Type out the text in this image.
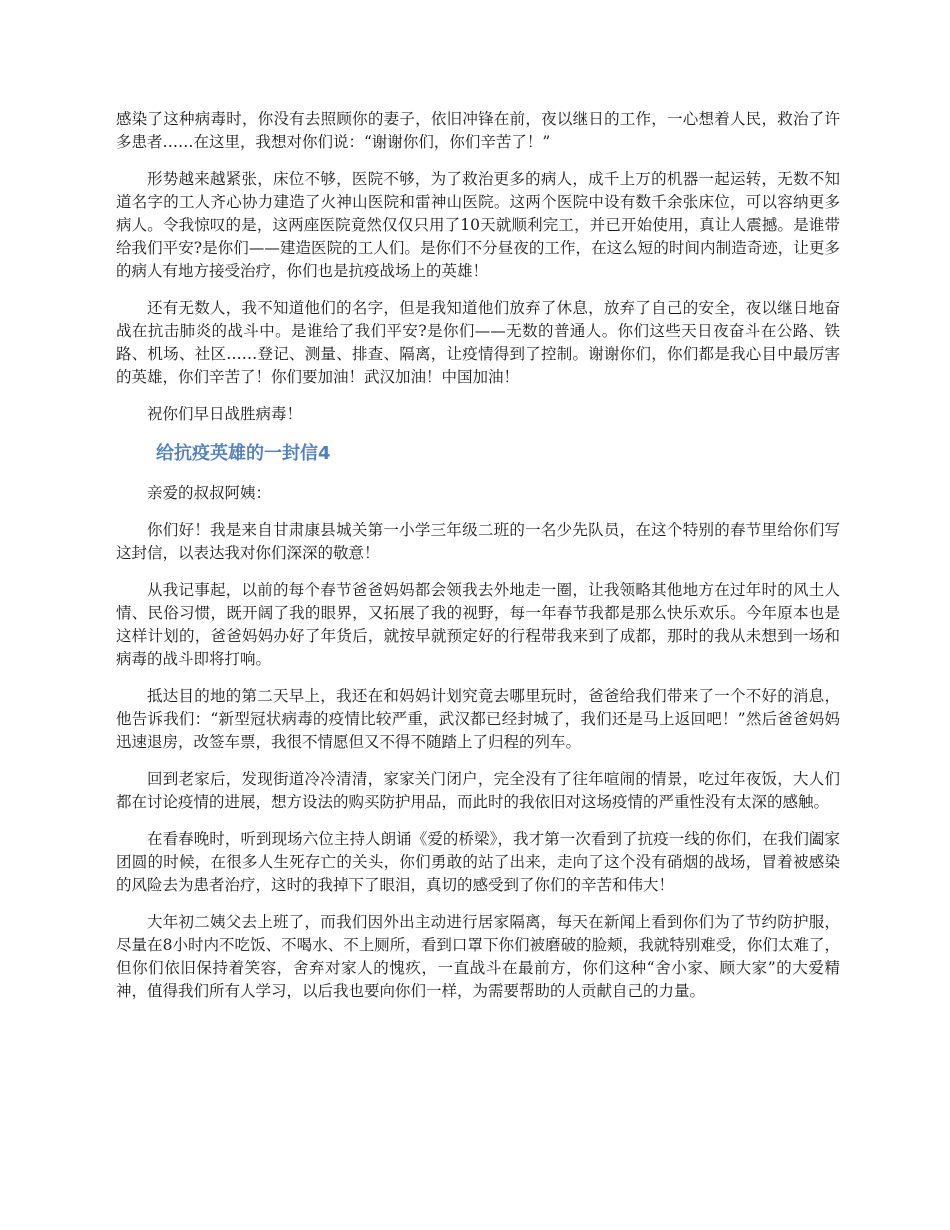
感染了这种病毒时，你没有去照顾你的妻子，依旧冲锋在前，夜以继日的工作，一心想着人民，救治了许多患者……在这里，我想对你们说：“谢谢你们，你们辛苦了！”

形势越来越紧张，床位不够，医院不够，为了救治更多的病人，成千上万的机器一起运转，无数不知道名字的工人齐心协力建造了火神山医院和雷神山医院。这两个医院中设有数千余张床位，可以容纳更多病人。令我惊叹的是，这两座医院竟然仅仅只用了10天就顺利完工，并已开始使用，真让人震撼。是谁带给我们平安?是你们——建造医院的工人们。是你们不分昼夜的工作，在这么短的时间内制造奇迹，让更多的病人有地方接受治疗，你们也是抗疫战场上的英雄！

还有无数人，我不知道他们的名字，但是我知道他们放弃了休息，放弃了自己的安全，夜以继日地奋战在抗击肺炎的战斗中。是谁给了我们平安?是你们——无数的普通人。你们这些天日夜奋斗在公路、铁路、机场、社区……登记、测量、排查、隔离，让疫情得到了控制。谢谢你们，你们都是我心目中最厉害的英雄，你们辛苦了！你们要加油！武汉加油！中国加油！

祝你们早日战胜病毒！

给抗疫英雄的一封信4

亲爱的叔叔阿姨：

你们好！我是来自甘肃康县城关第一小学三年级二班的一名少先队员，在这个特别的春节里给你们写这封信，以表达我对你们深深的敬意！

从我记事起，以前的每个春节爸爸妈妈都会领我去外地走一圈，让我领略其他地方在过年时的风土人情、民俗习惯，既开阔了我的眼界，又拓展了我的视野，每一年春节我都是那么快乐欢乐。今年原本也是这样计划的，爸爸妈妈办好了年货后，就按早就预定好的行程带我来到了成都，那时的我从未想到一场和病毒的战斗即将打响。

抵达目的地的第二天早上，我还在和妈妈计划究竟去哪里玩时，爸爸给我们带来了一个不好的消息，他告诉我们：“新型冠状病毒的疫情比较严重，武汉都已经封城了，我们还是马上返回吧！”然后爸爸妈妈迅速退房，改签车票，我很不情愿但又不得不随踏上了归程的列车。

回到老家后，发现街道冷冷清清，家家关门闭户，完全没有了往年喧闹的情景，吃过年夜饭，大人们都在讨论疫情的进展，想方设法的购买防护用品，而此时的我依旧对这场疫情的严重性没有太深的感触。

在看春晚时，听到现场六位主持人朗诵《爱的桥梁》，我才第一次看到了抗疫一线的你们，在我们阖家团圆的时候，在很多人生死存亡的关头，你们勇敢的站了出来，走向了这个没有硝烟的战场，冒着被感染的风险去为患者治疗，这时的我掉下了眼泪，真切的感受到了你们的辛苦和伟大！

大年初二姨父去上班了，而我们因外出主动进行居家隔离，每天在新闻上看到你们为了节约防护服，尽量在8小时内不吃饭、不喝水、不上厕所，看到口罩下你们被磨破的脸颊，我就特别难受，你们太难了，但你们依旧保持着笑容，舍弃对家人的愧疚，一直战斗在最前方，你们这种“舍小家、顾大家”的大爱精神，值得我们所有人学习，以后我也要向你们一样，为需要帮助的人贡献自己的力量。
